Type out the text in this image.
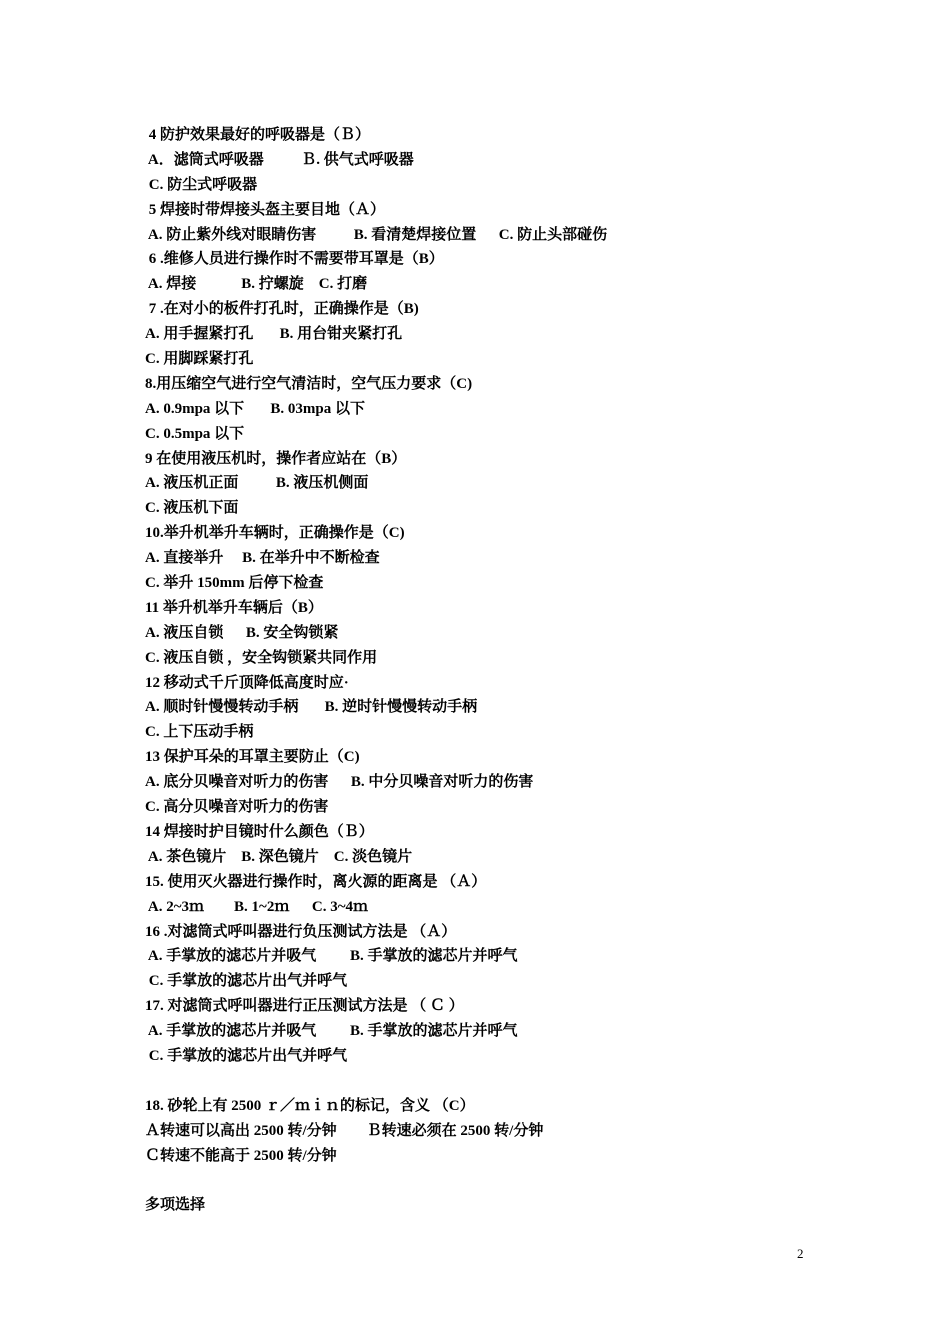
4 防护效果最好的呼吸器是（Ｂ）
A．滤筒式呼吸器          Ｂ. 供气式呼吸器
C. 防尘式呼吸器
5 焊接时带焊接头盔主要目地（Ａ）
A. 防止紫外线对眼睛伤害          B. 看清楚焊接位置      C. 防止头部碰伤
6 .维修人员进行操作时不需要带耳罩是（B）
A. 焊接            B. 拧螺旋    C. 打磨
7 .在对小的板件打孔时，正确操作是（B)
A. 用手握紧打孔       B. 用台钳夹紧打孔
C. 用脚踩紧打孔
8.用压缩空气进行空气清洁时，空气压力要求（C)
A. 0.9mpa 以下       B. 03mpa 以下
C. 0.5mpa 以下
9 在使用液压机时，操作者应站在（B）
A. 液压机正面          B. 液压机侧面
C. 液压机下面
10.举升机举升车辆时，正确操作是（C)
A. 直接举升     B. 在举升中不断检查
C. 举升 150mm 后停下检查
11 举升机举升车辆后（B）
A. 液压自锁      B. 安全钩锁紧
C. 液压自锁 ，安全钩锁紧共同作用
12 移动式千斤顶降低高度时应·
A. 顺时针慢慢转动手柄       B. 逆时针慢慢转动手柄
C. 上下压动手柄
13 保护耳朵的耳罩主要防止（C)
A. 底分贝噪音对听力的伤害      B. 中分贝噪音对听力的伤害
C. 高分贝噪音对听力的伤害
14 焊接时护目镜时什么颜色（Ｂ）
A. 茶色镜片    B. 深色镜片    C. 淡色镜片
15. 使用灭火器进行操作时，离火源的距离是 （Ａ）
A. 2~3ｍ        B. 1~2ｍ      C. 3~4ｍ
16 .对滤筒式呼叫器进行负压测试方法是 （Ａ）
A. 手掌放的滤芯片并吸气         B. 手掌放的滤芯片并呼气
C. 手掌放的滤芯片出气并呼气
17. 对滤筒式呼叫器进行正压测试方法是 （ Ｃ ）
A. 手掌放的滤芯片并吸气         B. 手掌放的滤芯片并呼气
C. 手掌放的滤芯片出气并呼气
18. 砂轮上有 2500 ｒ／ｍｉｎ的标记，含义 （C）
Ａ转速可以高出 2500 转/分钟        Ｂ转速必须在 2500 转/分钟
Ｃ转速不能高于 2500 转/分钟
多项选择
2
